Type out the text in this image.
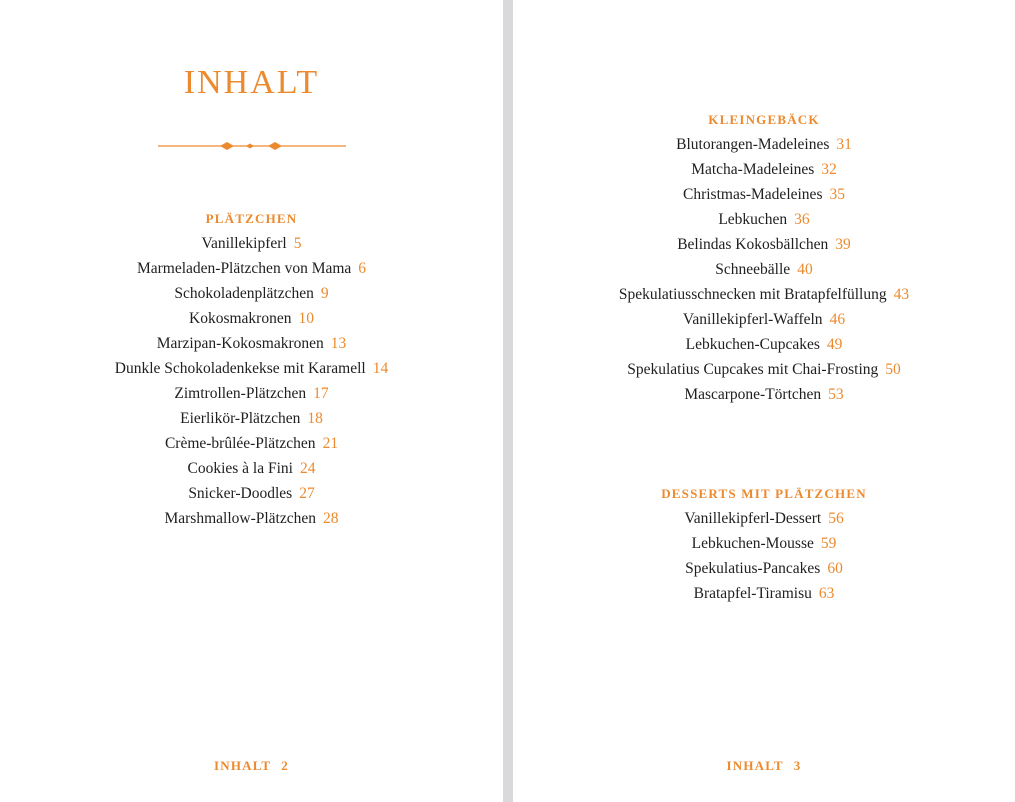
INHALT
PLÄTZCHEN
Vanillekipferl 5
Marmeladen-Plätzchen von Mama 6
Schokoladenplätzchen 9
Kokosmakronen 10
Marzipan-Kokosmakronen 13
Dunkle Schokoladenkekse mit Karamell 14
Zimtrollen-Plätzchen 17
Eierlikör-Plätzchen 18
Crème-brûlée-Plätzchen 21
Cookies à la Fini 24
Snicker-Doodles 27
Marshmallow-Plätzchen 28
INHALT 2
KLEINGEBÄCK
Blutorangen-Madeleines 31
Matcha-Madeleines 32
Christmas-Madeleines 35
Lebkuchen 36
Belindas Kokosbällchen 39
Schneebälle 40
Spekulatiusschnecken mit Bratapfelfüllung 43
Vanillekipferl-Waffeln 46
Lebkuchen-Cupcakes 49
Spekulatius Cupcakes mit Chai-Frosting 50
Mascarpone-Törtchen 53
DESSERTS MIT PLÄTZCHEN
Vanillekipferl-Dessert 56
Lebkuchen-Mousse 59
Spekulatius-Pancakes 60
Bratapfel-Tiramisu 63
INHALT 3
